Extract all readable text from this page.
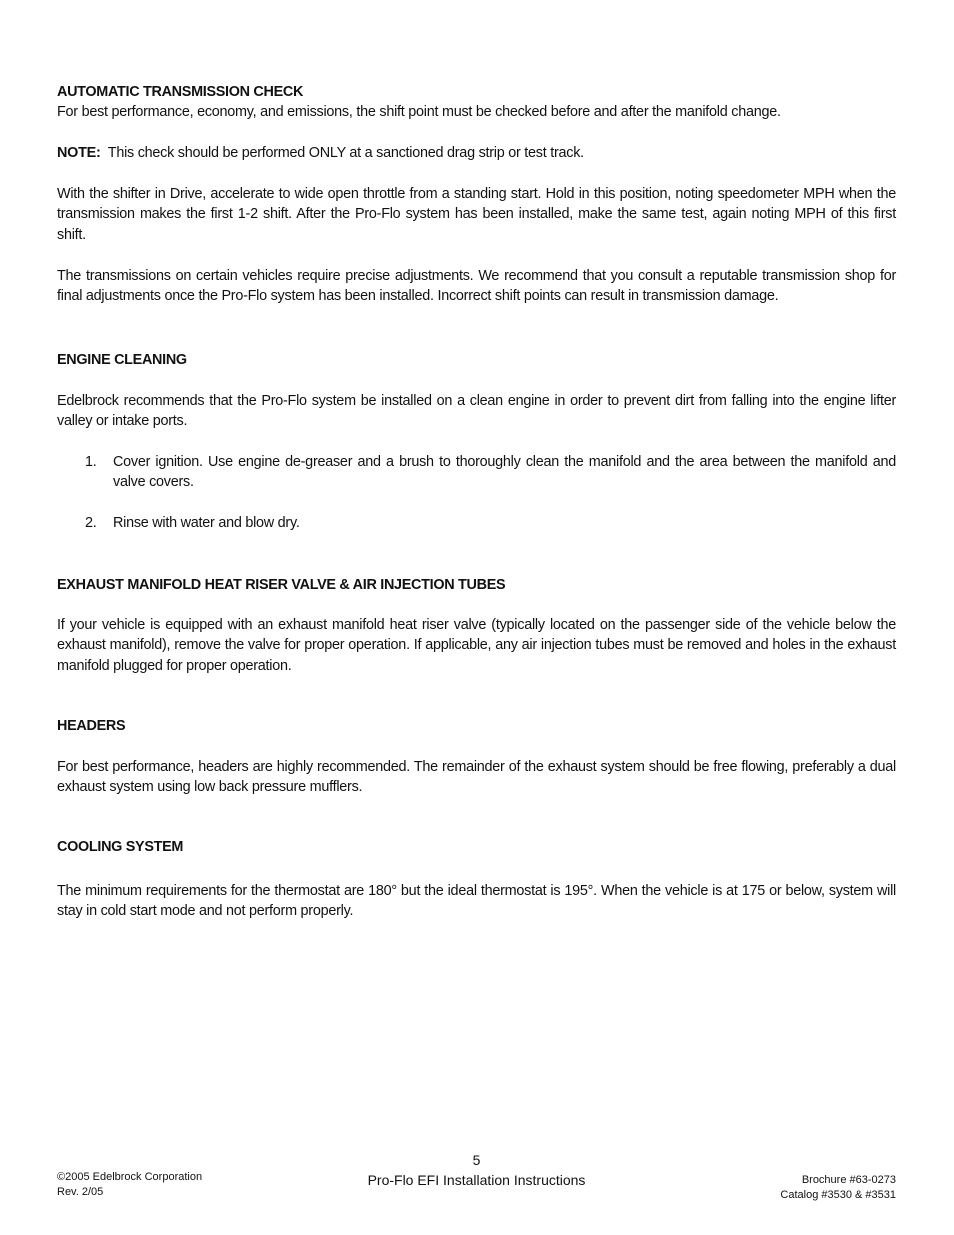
AUTOMATIC TRANSMISSION CHECK

For best performance, economy, and emissions, the shift point must be checked before and after the manifold change.

NOTE: This check should be performed ONLY at a sanctioned drag strip or test track.

With the shifter in Drive, accelerate to wide open throttle from a standing start. Hold in this position, noting speedometer MPH when the transmission makes the first 1-2 shift. After the Pro-Flo system has been installed, make the same test, again noting MPH of this first shift.

The transmissions on certain vehicles require precise adjustments. We recommend that you consult a reputable transmission shop for final adjustments once the Pro-Flo system has been installed. Incorrect shift points can result in transmission damage.

ENGINE CLEANING

Edelbrock recommends that the Pro-Flo system be installed on a clean engine in order to prevent dirt from falling into the engine lifter valley or intake ports.

1.	Cover ignition. Use engine de-greaser and a brush to thoroughly clean the manifold and the area between the manifold and valve covers.
2.	Rinse with water and blow dry.

EXHAUST MANIFOLD HEAT RISER VALVE & AIR INJECTION TUBES

If your vehicle is equipped with an exhaust manifold heat riser valve (typically located on the passenger side of the vehicle below the exhaust manifold), remove the valve for proper operation. If applicable, any air injection tubes must be removed and holes in the exhaust manifold plugged for proper operation.

HEADERS

For best performance, headers are highly recommended. The remainder of the exhaust system should be free flowing, preferably a dual exhaust system using low back pressure mufflers.

COOLING SYSTEM

The minimum requirements for the thermostat are 180° but the ideal thermostat is 195°. When the vehicle is at 175 or below, system will stay in cold start mode and not perform properly.

©2005 Edelbrock Corporation
Rev. 2/05
5
Pro-Flo EFI Installation Instructions	Brochure #63-0273
Catalog #3530 & #3531
